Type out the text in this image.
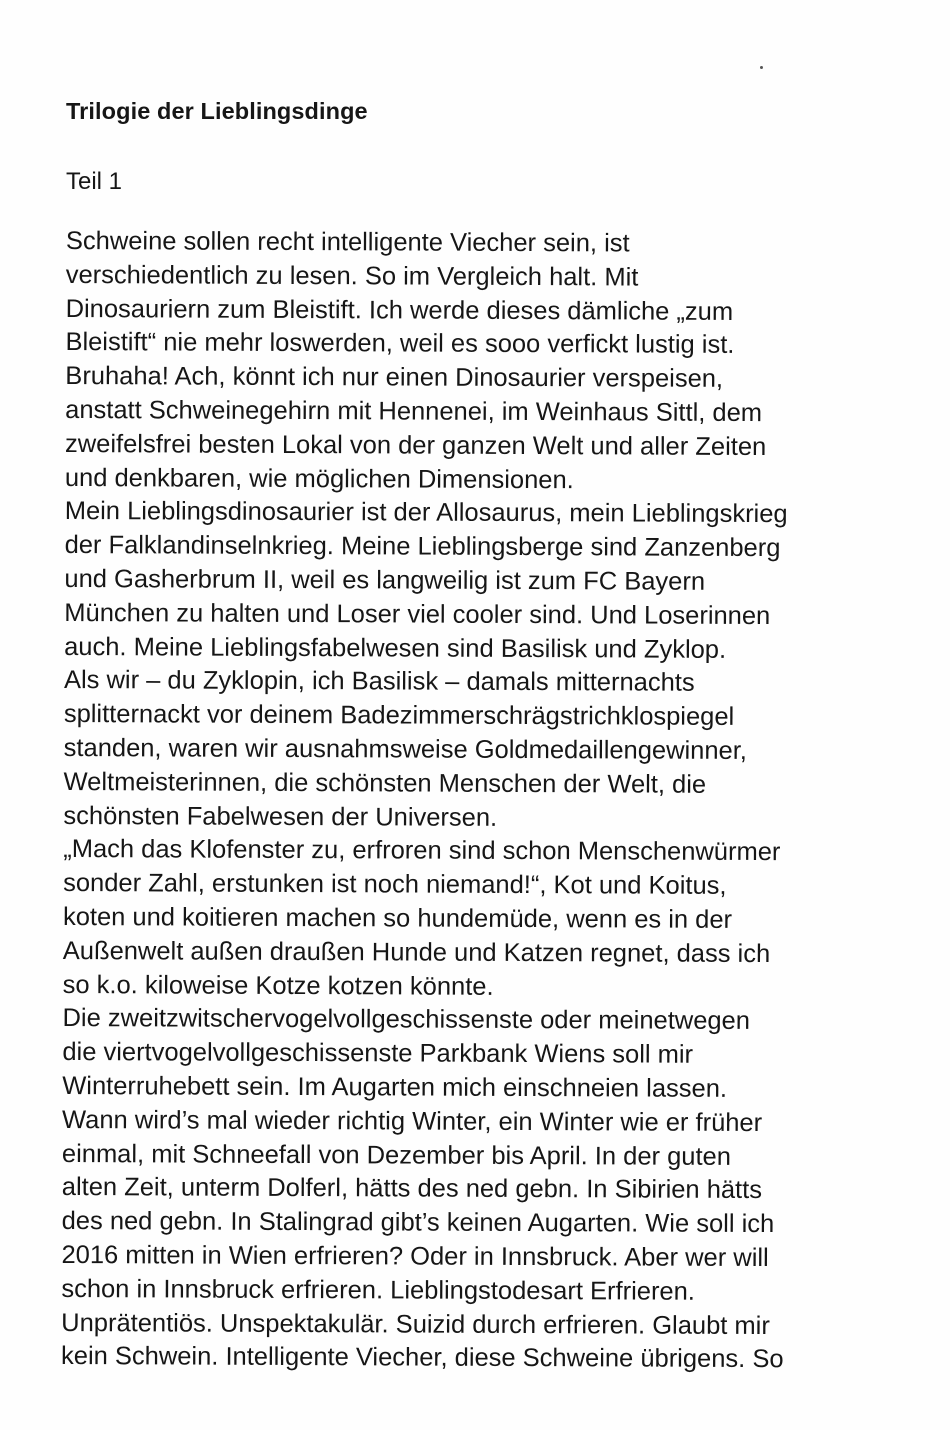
Trilogie der Lieblingsdinge
Teil 1
Schweine sollen recht intelligente Viecher sein, ist
verschiedentlich zu lesen. So im Vergleich halt. Mit
Dinosauriern zum Bleistift. Ich werde dieses dämliche „zum
Bleistift“ nie mehr loswerden, weil es sooo verfickt lustig ist.
Bruhaha! Ach, könnt ich nur einen Dinosaurier verspeisen,
anstatt Schweinegehirn mit Hennenei, im Weinhaus Sittl, dem
zweifelsfrei besten Lokal von der ganzen Welt und aller Zeiten
und denkbaren, wie möglichen Dimensionen.
Mein Lieblingsdinosaurier ist der Allosaurus, mein Lieblingskrieg
der Falklandinselnkrieg. Meine Lieblingsberge sind Zanzenberg
und Gasherbrum II, weil es langweilig ist zum FC Bayern
München zu halten und Loser viel cooler sind. Und Loserinnen
auch. Meine Lieblingsfabelwesen sind Basilisk und Zyklop.
Als wir – du Zyklopin, ich Basilisk – damals mitternachts
splitternackt vor deinem Badezimmerschrägstrichklospiegel
standen, waren wir ausnahmsweise Goldmedaillengewinner,
Weltmeisterinnen, die schönsten Menschen der Welt, die
schönsten Fabelwesen der Universen.
„Mach das Klofenster zu, erfroren sind schon Menschenwürmer
sonder Zahl, erstunken ist noch niemand!“, Kot und Koitus,
koten und koitieren machen so hundemüde, wenn es in der
Außenwelt außen draußen Hunde und Katzen regnet, dass ich
so k.o. kiloweise Kotze kotzen könnte.
Die zweitzwitschervogelvollgeschissenste oder meinetwegen
die viertvogelvollgeschissenste Parkbank Wiens soll mir
Winterruhebett sein. Im Augarten mich einschneien lassen.
Wann wird’s mal wieder richtig Winter, ein Winter wie er früher
einmal, mit Schneefall von Dezember bis April. In der guten
alten Zeit, unterm Dolferl, hätts des ned gebn. In Sibirien hätts
des ned gebn. In Stalingrad gibt’s keinen Augarten. Wie soll ich
2016 mitten in Wien erfrieren? Oder in Innsbruck. Aber wer will
schon in Innsbruck erfrieren. Lieblingstodesart Erfrieren.
Unprätentiös. Unspektakulär. Suizid durch erfrieren. Glaubt mir
kein Schwein. Intelligente Viecher, diese Schweine übrigens. So
